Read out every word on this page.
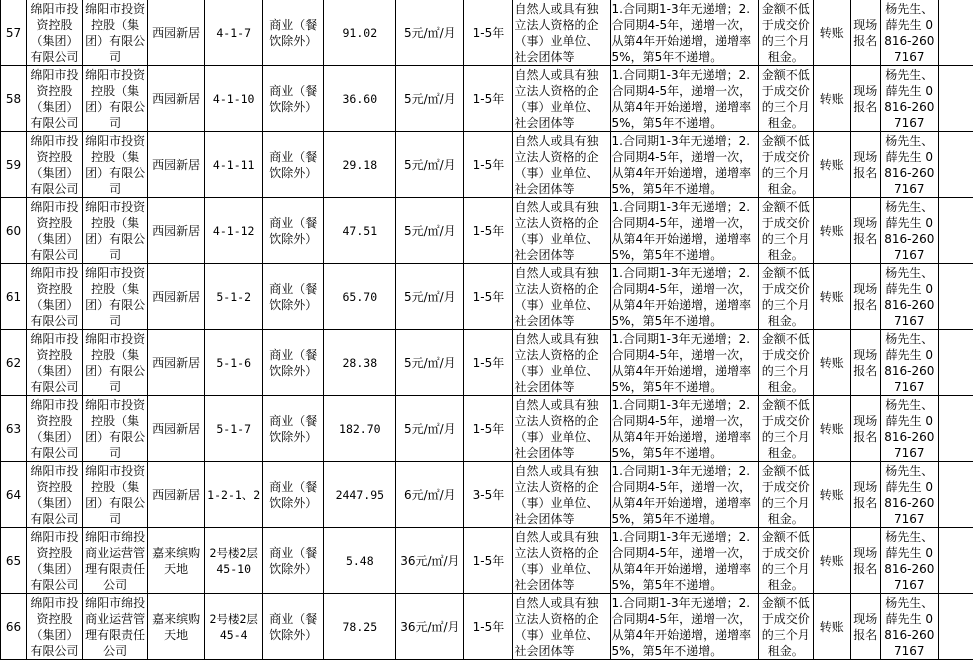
57	绵阳市投资控股（集团）有限公司	绵阳市投资控股（集团）有限公司	西园新居	4-1-7	商业（餐饮除外）	91.02	5元/㎡/月	1-5年	自然人或具有独立法人资格的企（事）业单位、社会团体等	1.合同期1-3年无递增；2.合同期4-5年，递增一次，从第4年开始递增，递增率5%，第5年不递增。	金额不低于成交价的三个月租金。	转账	现场报名	杨先生、薛先生 0816-2607167	
58	绵阳市投资控股（集团）有限公司	绵阳市投资控股（集团）有限公司	西园新居	4-1-10	商业（餐饮除外）	36.60	5元/㎡/月	1-5年	自然人或具有独立法人资格的企（事）业单位、社会团体等	1.合同期1-3年无递增；2.合同期4-5年，递增一次，从第4年开始递增，递增率5%，第5年不递增。	金额不低于成交价的三个月租金。	转账	现场报名	杨先生、薛先生 0816-2607167	
59	绵阳市投资控股（集团）有限公司	绵阳市投资控股（集团）有限公司	西园新居	4-1-11	商业（餐饮除外）	29.18	5元/㎡/月	1-5年	自然人或具有独立法人资格的企（事）业单位、社会团体等	1.合同期1-3年无递增；2.合同期4-5年，递增一次，从第4年开始递增，递增率5%，第5年不递增。	金额不低于成交价的三个月租金。	转账	现场报名	杨先生、薛先生 0816-2607167	
60	绵阳市投资控股（集团）有限公司	绵阳市投资控股（集团）有限公司	西园新居	4-1-12	商业（餐饮除外）	47.51	5元/㎡/月	1-5年	自然人或具有独立法人资格的企（事）业单位、社会团体等	1.合同期1-3年无递增；2.合同期4-5年，递增一次，从第4年开始递增，递增率5%，第5年不递增。	金额不低于成交价的三个月租金。	转账	现场报名	杨先生、薛先生 0816-2607167	
61	绵阳市投资控股（集团）有限公司	绵阳市投资控股（集团）有限公司	西园新居	5-1-2	商业（餐饮除外）	65.70	5元/㎡/月	1-5年	自然人或具有独立法人资格的企（事）业单位、社会团体等	1.合同期1-3年无递增；2.合同期4-5年，递增一次，从第4年开始递增，递增率5%，第5年不递增。	金额不低于成交价的三个月租金。	转账	现场报名	杨先生、薛先生 0816-2607167	
62	绵阳市投资控股（集团）有限公司	绵阳市投资控股（集团）有限公司	西园新居	5-1-6	商业（餐饮除外）	28.38	5元/㎡/月	1-5年	自然人或具有独立法人资格的企（事）业单位、社会团体等	1.合同期1-3年无递增；2.合同期4-5年，递增一次，从第4年开始递增，递增率5%，第5年不递增。	金额不低于成交价的三个月租金。	转账	现场报名	杨先生、薛先生 0816-2607167	
63	绵阳市投资控股（集团）有限公司	绵阳市投资控股（集团）有限公司	西园新居	5-1-7	商业（餐饮除外）	182.70	5元/㎡/月	1-5年	自然人或具有独立法人资格的企（事）业单位、社会团体等	1.合同期1-3年无递增；2.合同期4-5年，递增一次，从第4年开始递增，递增率5%，第5年不递增。	金额不低于成交价的三个月租金。	转账	现场报名	杨先生、薛先生 0816-2607167	
64	绵阳市投资控股（集团）有限公司	绵阳市投资控股（集团）有限公司	西园新居	1-2-1、2	商业（餐饮除外）	2447.95	6元/㎡/月	3-5年	自然人或具有独立法人资格的企（事）业单位、社会团体等	1.合同期1-3年无递增；2.合同期4-5年，递增一次，从第4年开始递增，递增率5%，第5年不递增。	金额不低于成交价的三个月租金。	转账	现场报名	杨先生、薛先生 0816-2607167	
65	绵阳市投资控股（集团）有限公司	绵阳市绵投商业运营管理有限责任公司	嘉来缤购天地	2号楼2层45-10	商业（餐饮除外）	5.48	36元/㎡/月	1-5年	自然人或具有独立法人资格的企（事）业单位、社会团体等	1.合同期1-3年无递增；2.合同期4-5年，递增一次，从第4年开始递增，递增率5%，第5年不递增。	金额不低于成交价的三个月租金。	转账	现场报名	杨先生、薛先生 0816-2607167	
66	绵阳市投资控股（集团）有限公司	绵阳市绵投商业运营管理有限责任公司	嘉来缤购天地	2号楼2层45-4	商业（餐饮除外）	78.25	36元/㎡/月	1-5年	自然人或具有独立法人资格的企（事）业单位、社会团体等	1.合同期1-3年无递增；2.合同期4-5年，递增一次，从第4年开始递增，递增率5%，第5年不递增。	金额不低于成交价的三个月租金。	转账	现场报名	杨先生、薛先生 0816-2607167	
